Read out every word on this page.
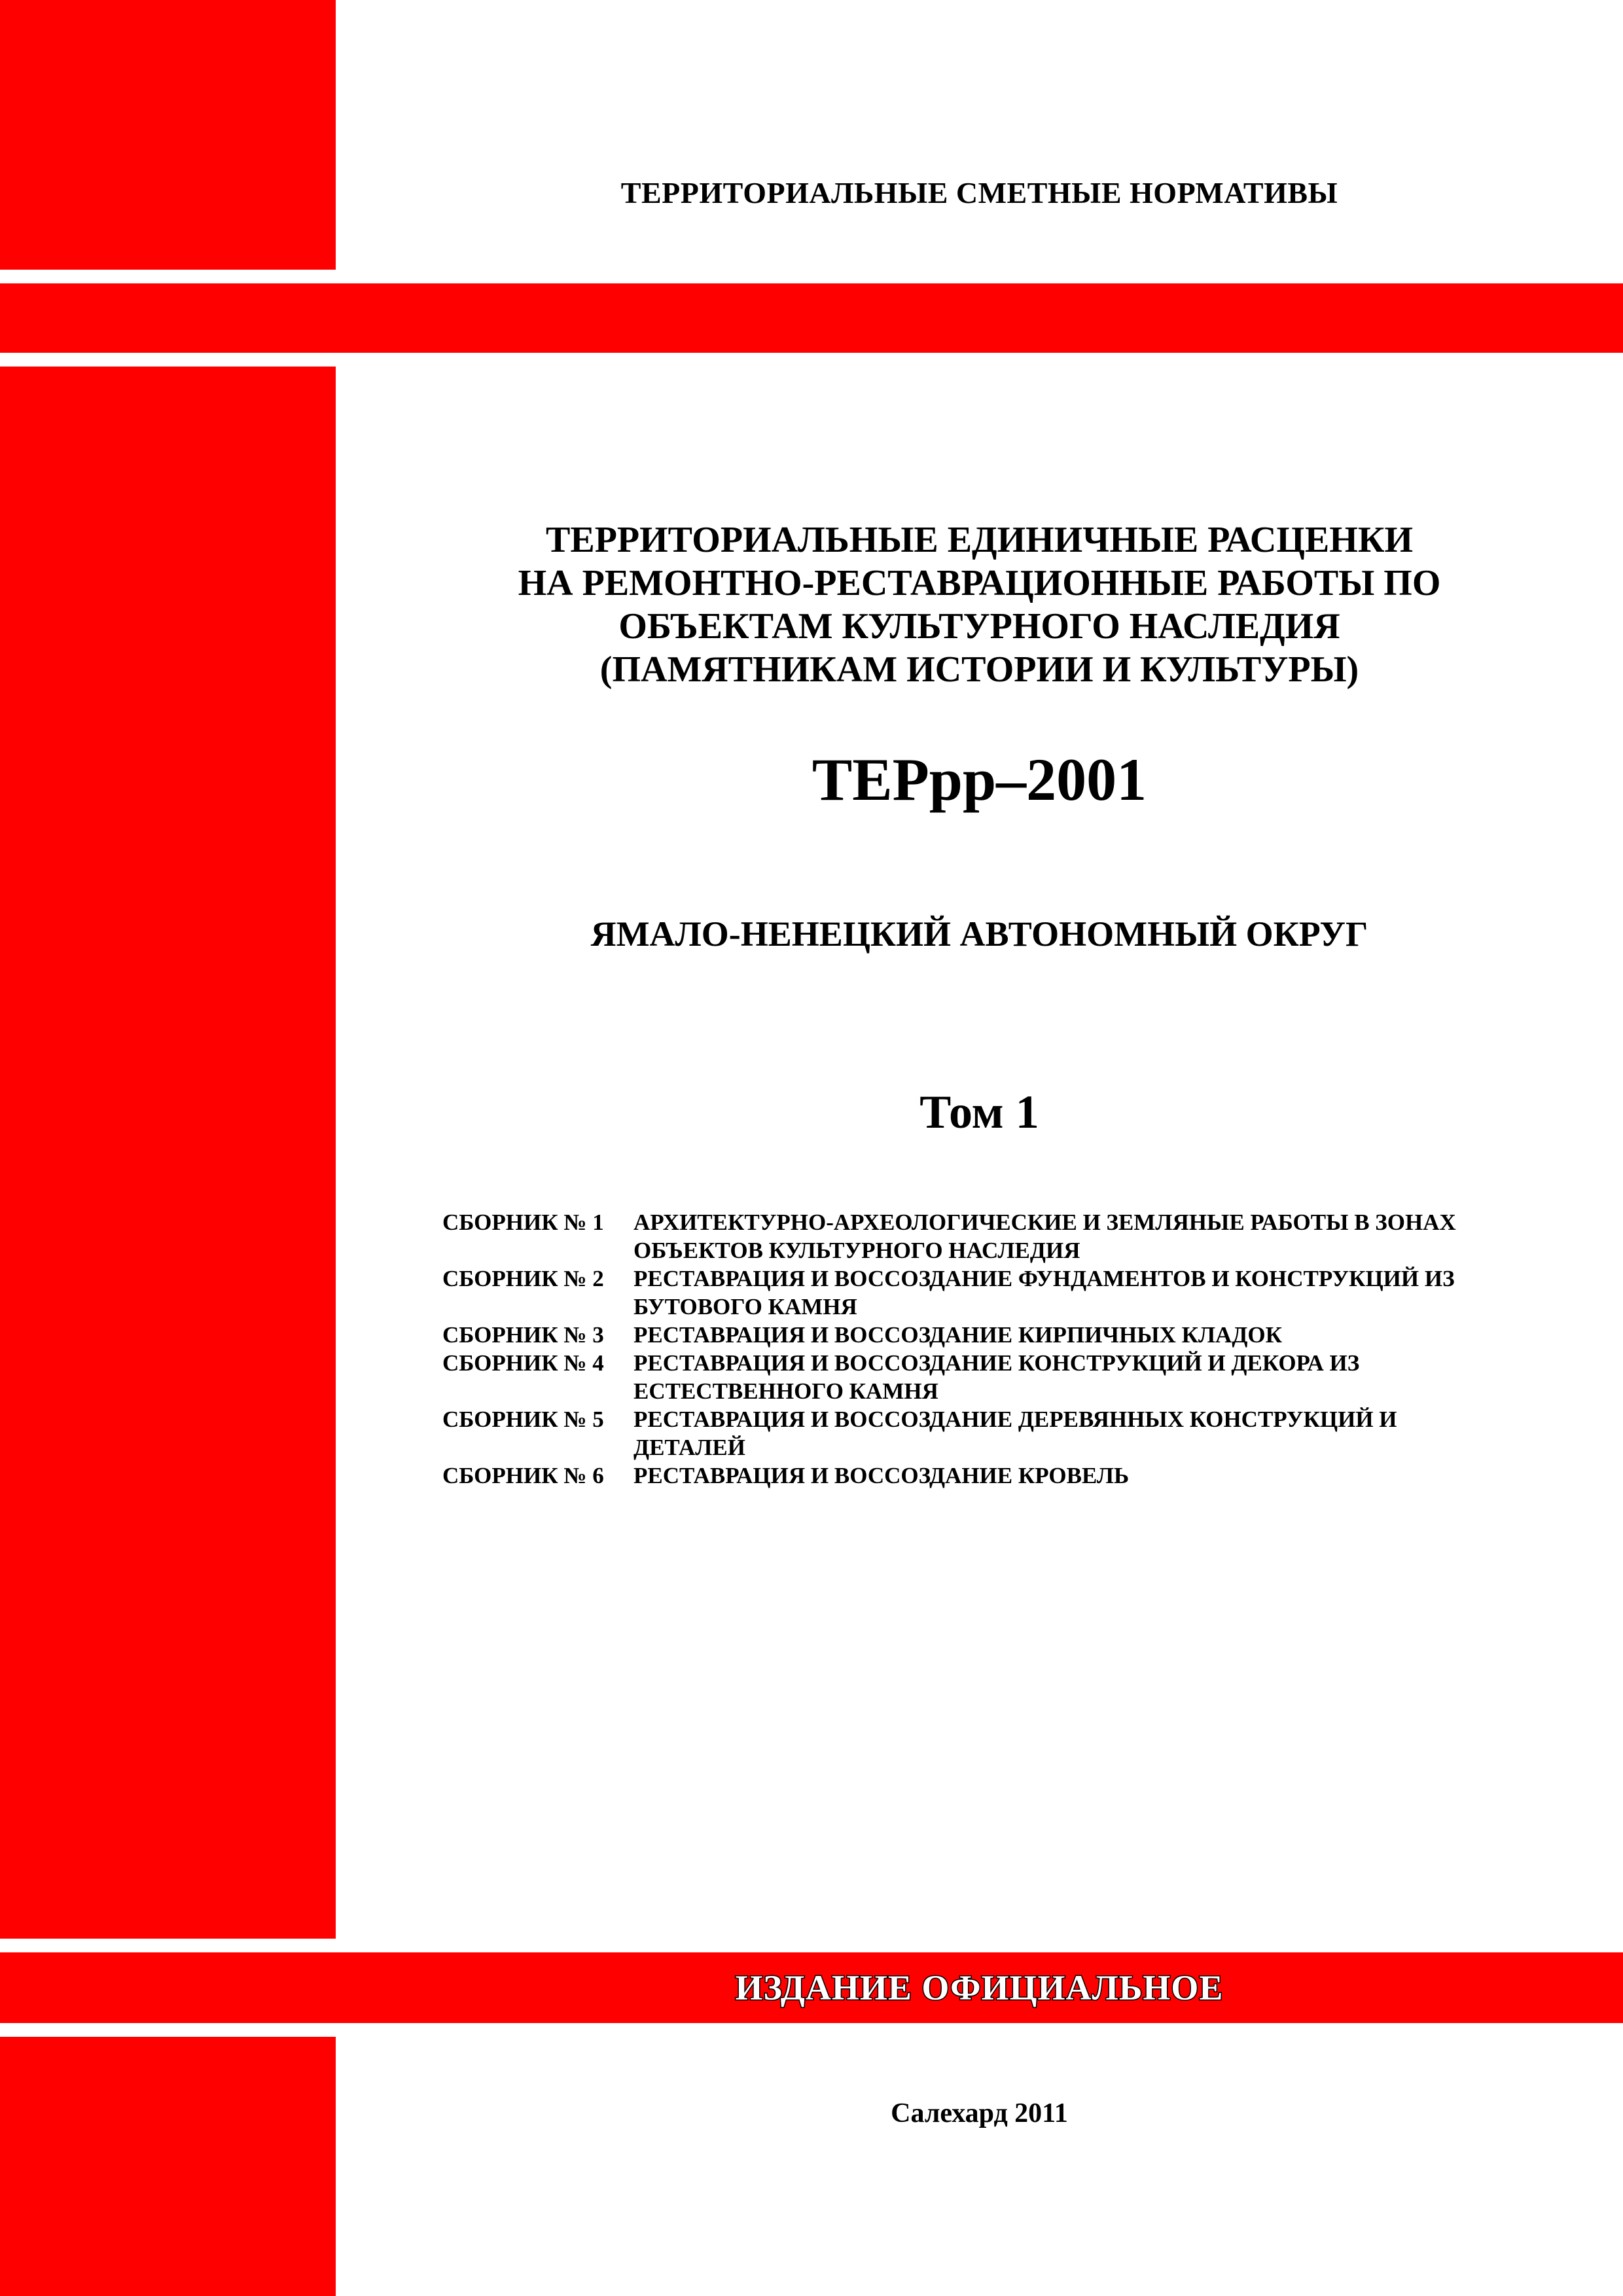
ТЕРРИТОРИАЛЬНЫЕ СМЕТНЫЕ НОРМАТИВЫ
ТЕРРИТОРИАЛЬНЫЕ ЕДИНИЧНЫЕ РАСЦЕНКИ
НА РЕМОНТНО-РЕСТАВРАЦИОННЫЕ РАБОТЫ ПО
ОБЪЕКТАМ КУЛЬТУРНОГО НАСЛЕДИЯ
(ПАМЯТНИКАМ ИСТОРИИ И КУЛЬТУРЫ)
ТЕРрр–2001
ЯМАЛО-НЕНЕЦКИЙ АВТОНОМНЫЙ ОКРУГ
Том 1
СБОРНИК № 1	АРХИТЕКТУРНО-АРХЕОЛОГИЧЕСКИЕ И ЗЕМЛЯНЫЕ РАБОТЫ В ЗОНАХ ОБЪЕКТОВ КУЛЬТУРНОГО НАСЛЕДИЯ
СБОРНИК № 2	РЕСТАВРАЦИЯ И ВОССОЗДАНИЕ ФУНДАМЕНТОВ И КОНСТРУКЦИЙ ИЗ БУТОВОГО КАМНЯ
СБОРНИК № 3	РЕСТАВРАЦИЯ И ВОССОЗДАНИЕ КИРПИЧНЫХ КЛАДОК
СБОРНИК № 4	РЕСТАВРАЦИЯ И ВОССОЗДАНИЕ КОНСТРУКЦИЙ И ДЕКОРА ИЗ ЕСТЕСТВЕННОГО КАМНЯ
СБОРНИК № 5	РЕСТАВРАЦИЯ И ВОССОЗДАНИЕ ДЕРЕВЯННЫХ КОНСТРУКЦИЙ И ДЕТАЛЕЙ
СБОРНИК № 6	РЕСТАВРАЦИЯ И ВОССОЗДАНИЕ КРОВЕЛЬ
ИЗДАНИЕ ОФИЦИАЛЬНОЕ
Салехард 2011
